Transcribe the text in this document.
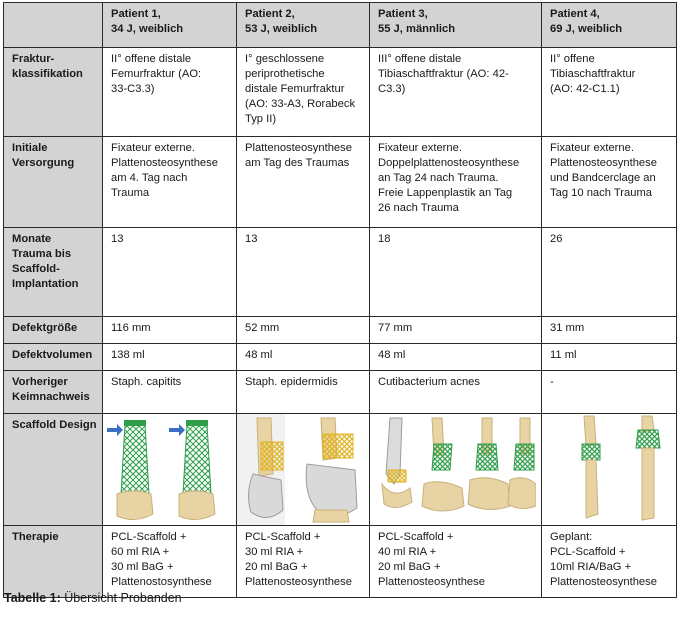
	Patient 1,
34 J, weiblich	Patient 2,
53 J, weiblich	Patient 3,
55 J, männlich	Patient 4,
69 J, weiblich

Fraktur-
klassifikation	II° offene distale
Femurfraktur (AO:
33-C3.3)	I° geschlossene
periprothetische
distale Femurfraktur
(AO: 33-A3, Rorabeck
Typ II)	III° offene distale
Tibiaschaftfraktur (AO: 42-
C3.3)	II° offene
Tibiaschaftfraktur
(AO: 42-C1.1)

Initiale
Versorgung	Fixateur externe.
Plattenosteosynthese
am 4. Tag nach
Trauma	Plattenosteosynthese
am Tag des Traumas	Fixateur externe.
Doppelplattenosteosynthese
an Tag 24 nach Trauma.
Freie Lappenplastik an Tag
26 nach Trauma	Fixateur externe.
Plattenosteosynthese
und Bandcerclage an
Tag 10 nach Trauma

Monate
Trauma bis
Scaffold-
Implantation	13	13	18	26

Defektgröße	116 mm	52 mm	77 mm	31 mm

Defektvolumen	138 ml	48 ml	48 ml	11 ml

Vorheriger
Keimnachweis	Staph. capitits	Staph. epidermidis	Cutibacterium acnes	-

Scaffold Design

Therapie	PCL-Scaffold +
60 ml RIA +
30 ml BaG +
Plattenostosynthese	PCL-Scaffold +
30 ml RIA +
20 ml BaG +
Plattenosteosynthese	PCL-Scaffold +
40 ml RIA +
20 ml BaG +
Plattenosteosynthese	Geplant:
PCL-Scaffold +
10ml RIA/BaG +
Plattenosteosynthese
Tabelle 1: Übersicht Probanden
